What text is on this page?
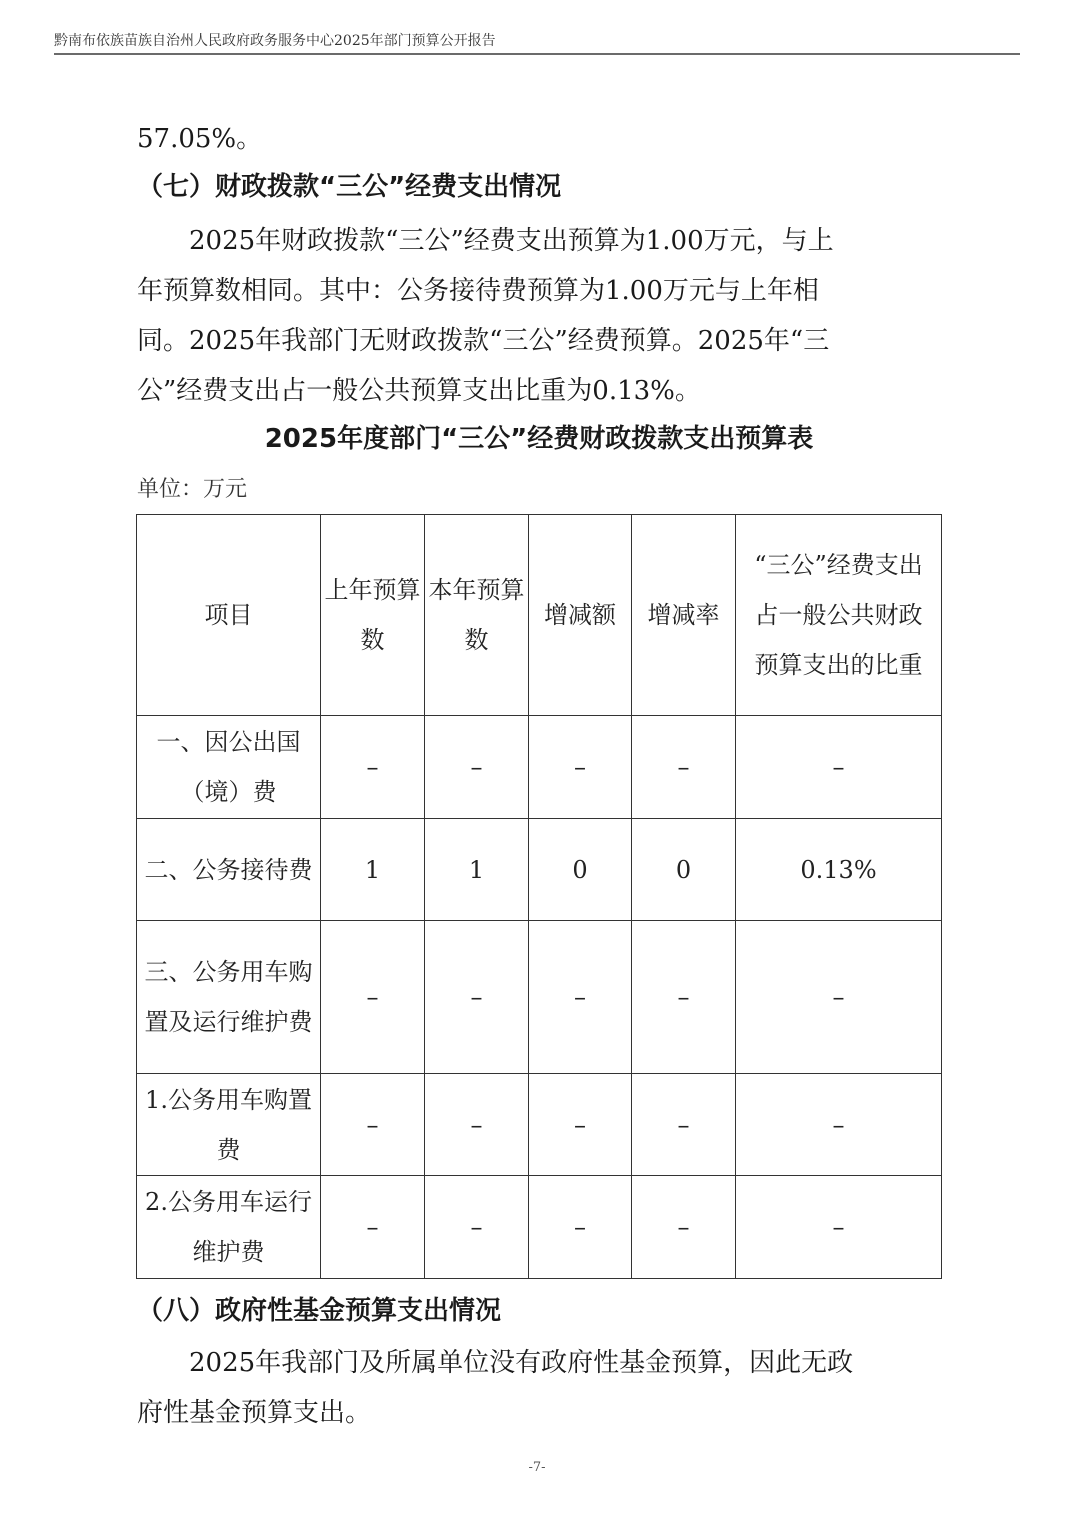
黔南布依族苗族自治州人民政府政务服务中心2025年部门预算公开报告
57.05%。
（七）财政拨款“三公”经费支出情况
　　2025年财政拨款“三公”经费支出预算为1.00万元，与上
年预算数相同。其中：公务接待费预算为1.00万元与上年相
同。2025年我部门无财政拨款“三公”经费预算。2025年“三
公”经费支出占一般公共预算支出比重为0.13%。
2025年度部门“三公”经费财政拨款支出预算表
单位：万元
项目	上年预算数	本年预算数	增减额	增减率	“三公”经费支出占一般公共财政预算支出的比重
一、因公出国（境）费	–	–	–	–	–
二、公务接待费	1	1	0	0	0.13%
三、公务用车购置及运行维护费	–	–	–	–	–
1.公务用车购置费	–	–	–	–	–
2.公务用车运行维护费	–	–	–	–	–
（八）政府性基金预算支出情况
　　2025年我部门及所属单位没有政府性基金预算，因此无政
府性基金预算支出。
-7-
